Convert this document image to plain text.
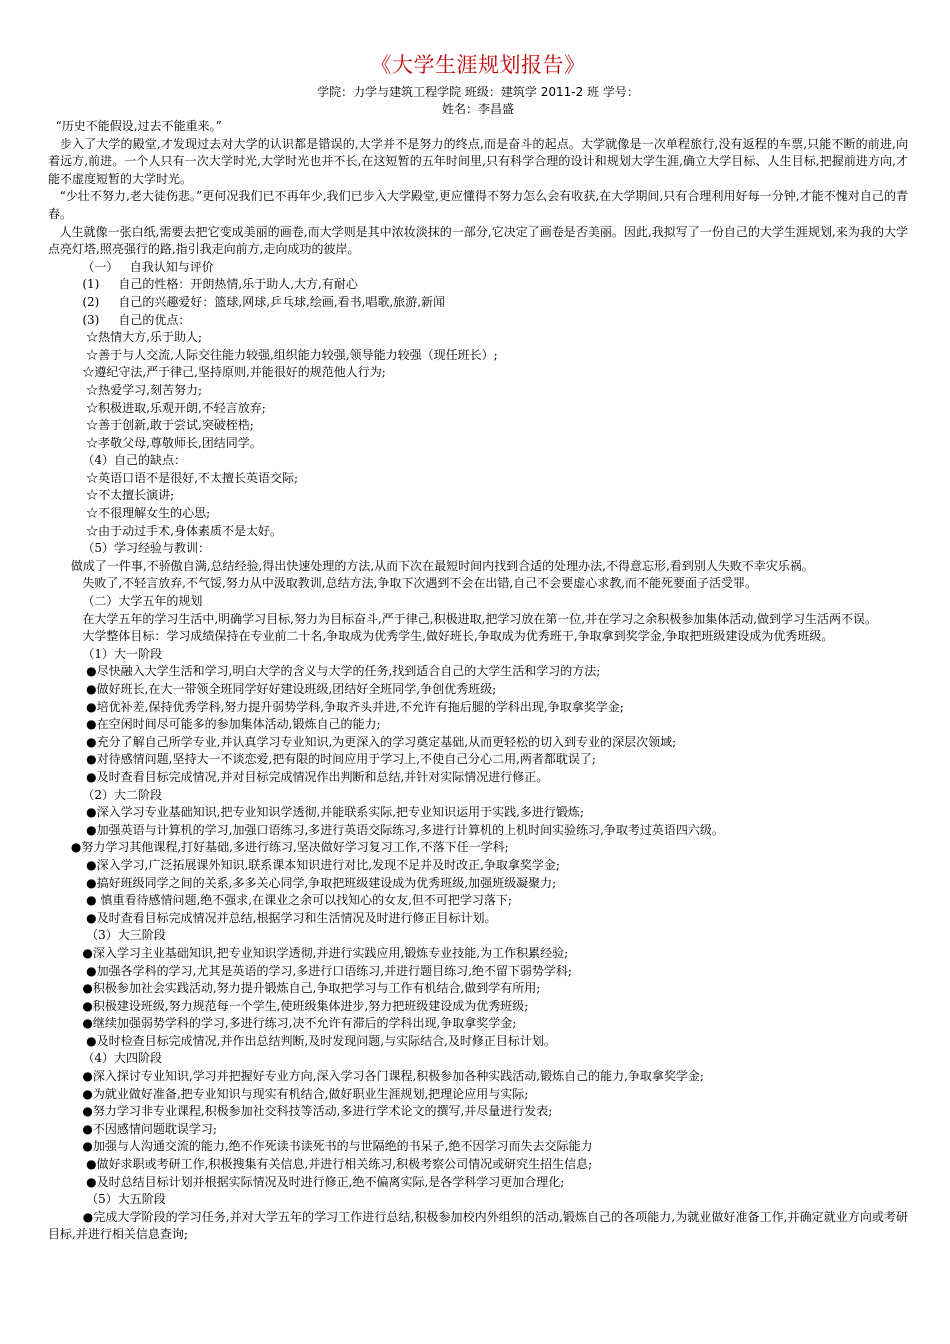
《大学生涯规划报告》
学院：力学与建筑工程学院 班级：建筑学 2011-2 班 学号：
姓名：李昌盛

“历史不能假设,过去不能重来。”

步入了大学的殿堂,才发现过去对大学的认识都是错误的,大学并不是努力的终点,而是奋斗的起点。大学就像是一次单程旅行,没有返程的车票,只能不断的前进,向着远方,前进。一个人只有一次大学时光,大学时光也并不长,在这短暂的五年时间里,只有科学合理的设计和规划大学生涯,确立大学目标、人生目标,把握前进方向,才能不虚度短暂的大学时光。

“少壮不努力,老大徒伤悲。”更何况我们已不再年少,我们已步入大学殿堂,更应懂得不努力怎么会有收获,在大学期间,只有合理利用好每一分钟,才能不愧对自己的青春。

人生就像一张白纸,需要去把它变成美丽的画卷,而大学则是其中浓妆淡抹的一部分,它决定了画卷是否美丽。因此,我拟写了一份自己的大学生涯规划,来为我的大学点亮灯塔,照亮强行的路,指引我走向前方,走向成功的彼岸。

（一）   自我认知与评价

(1)     自己的性格：开朗热情,乐于助人,大方,有耐心

(2)     自己的兴趣爱好：篮球,网球,乒乓球,绘画,看书,唱歌,旅游,新闻

(3)     自己的优点：

☆热情大方,乐于助人;

☆善于与人交流,人际交往能力较强,组织能力较强,领导能力较强（现任班长）;

☆遵纪守法,严于律己,坚持原则,并能很好的规范他人行为;

☆热爱学习,刻苦努力;

☆积极进取,乐观开朗,不轻言放弃;

☆善于创新,敢于尝试,突破桎梏;

☆孝敬父母,尊敬师长,团结同学。

（4）自己的缺点：

☆英语口语不是很好,不太擅长英语交际;

☆不太擅长演讲;

☆不很理解女生的心思;

☆由于动过手术,身体素质不是太好。

（5）学习经验与教训：

做成了一件事,不骄傲自满,总结经验,得出快速处理的方法,从而下次在最短时间内找到合适的处理办法,不得意忘形,看到别人失败不幸灾乐祸。

失败了,不轻言放弃,不气馁,努力从中汲取教训,总结方法,争取下次遇到不会在出错,自己不会要虚心求教,而不能死要面子活受罪。

（二）大学五年的规划

在大学五年的学习生活中,明确学习目标,努力为目标奋斗,严于律己,积极进取,把学习放在第一位,并在学习之余积极参加集体活动,做到学习生活两不误。

大学整体目标：学习成绩保持在专业前二十名,争取成为优秀学生,做好班长,争取成为优秀班干,争取拿到奖学金,争取把班级建设成为优秀班级。

（1）大一阶段

●尽快融入大学生活和学习,明白大学的含义与大学的任务,找到适合自己的大学生活和学习的方法;

●做好班长,在大一带领全班同学好好建设班级,团结好全班同学,争创优秀班级;

●培优补差,保持优秀学科,努力提升弱势学科,争取齐头并进,不允许有拖后腿的学科出现,争取拿奖学金;

●在空闲时间尽可能多的参加集体活动,锻炼自己的能力;

●充分了解自己所学专业,并认真学习专业知识,为更深入的学习奠定基础,从而更轻松的切入到专业的深层次领域;

●对待感情问题,坚持大一不谈恋爱,把有限的时间应用于学习上,不使自己分心二用,两者都耽误了;

●及时查看目标完成情况,并对目标完成情况作出判断和总结,并针对实际情况进行修正。

（2）大二阶段

●深入学习专业基础知识,把专业知识学透彻,并能联系实际,把专业知识运用于实践,多进行锻炼;

●加强英语与计算机的学习,加强口语练习,多进行英语交际练习,多进行计算机的上机时间实验练习,争取考过英语四六级。

●努力学习其他课程,打好基础,多进行练习,坚决做好学习复习工作,不落下任一学科;

●深入学习,广泛拓展课外知识,联系课本知识进行对比,发现不足并及时改正,争取拿奖学金;

●搞好班级同学之间的关系,多多关心同学,争取把班级建设成为优秀班级,加强班级凝聚力;

● 慎重看待感情问题,绝不强求,在课业之余可以找知心的女友,但不可把学习落下;

●及时查看目标完成情况并总结,根据学习和生活情况及时进行修正目标计划。

（3）大三阶段

●深入学习主业基础知识,把专业知识学透彻,并进行实践应用,锻炼专业技能,为工作积累经验;

●加强各学科的学习,尤其是英语的学习,多进行口语练习,并进行题目练习,绝不留下弱势学科;

●积极参加社会实践活动,努力提升锻炼自己,争取把学习与工作有机结合,做到学有所用;

●积极建设班级,努力规范每一个学生,使班级集体进步,努力把班级建设成为优秀班级;

●继续加强弱势学科的学习,多进行练习,决不允许有滞后的学科出现,争取拿奖学金;

●及时检查目标完成情况,并作出总结判断,及时发现问题,与实际结合,及时修正目标计划。

（4）大四阶段

●深入探讨专业知识,学习并把握好专业方向,深入学习各门课程,积极参加各种实践活动,锻炼自己的能力,争取拿奖学金;

●为就业做好准备,把专业知识与现实有机结合,做好职业生涯规划,把理论应用与实际;

●努力学习非专业课程,积极参加社交科技等活动,多进行学术论文的撰写,并尽量进行发表;

●不因感情问题耽误学习;

●加强与人沟通交流的能力,绝不作死读书读死书的与世隔绝的书呆子,绝不因学习而失去交际能力

●做好求职或考研工作,积极搜集有关信息,并进行相关练习,积极考察公司情况或研究生招生信息;

●及时总结目标计划并根据实际情况及时进行修正,绝不偏离实际,是各学科学习更加合理化;

（5）大五阶段

●完成大学阶段的学习任务,并对大学五年的学习工作进行总结,积极参加校内外组织的活动,锻炼自己的各项能力,为就业做好准备工作,并确定就业方向或考研目标,并进行相关信息查询;
